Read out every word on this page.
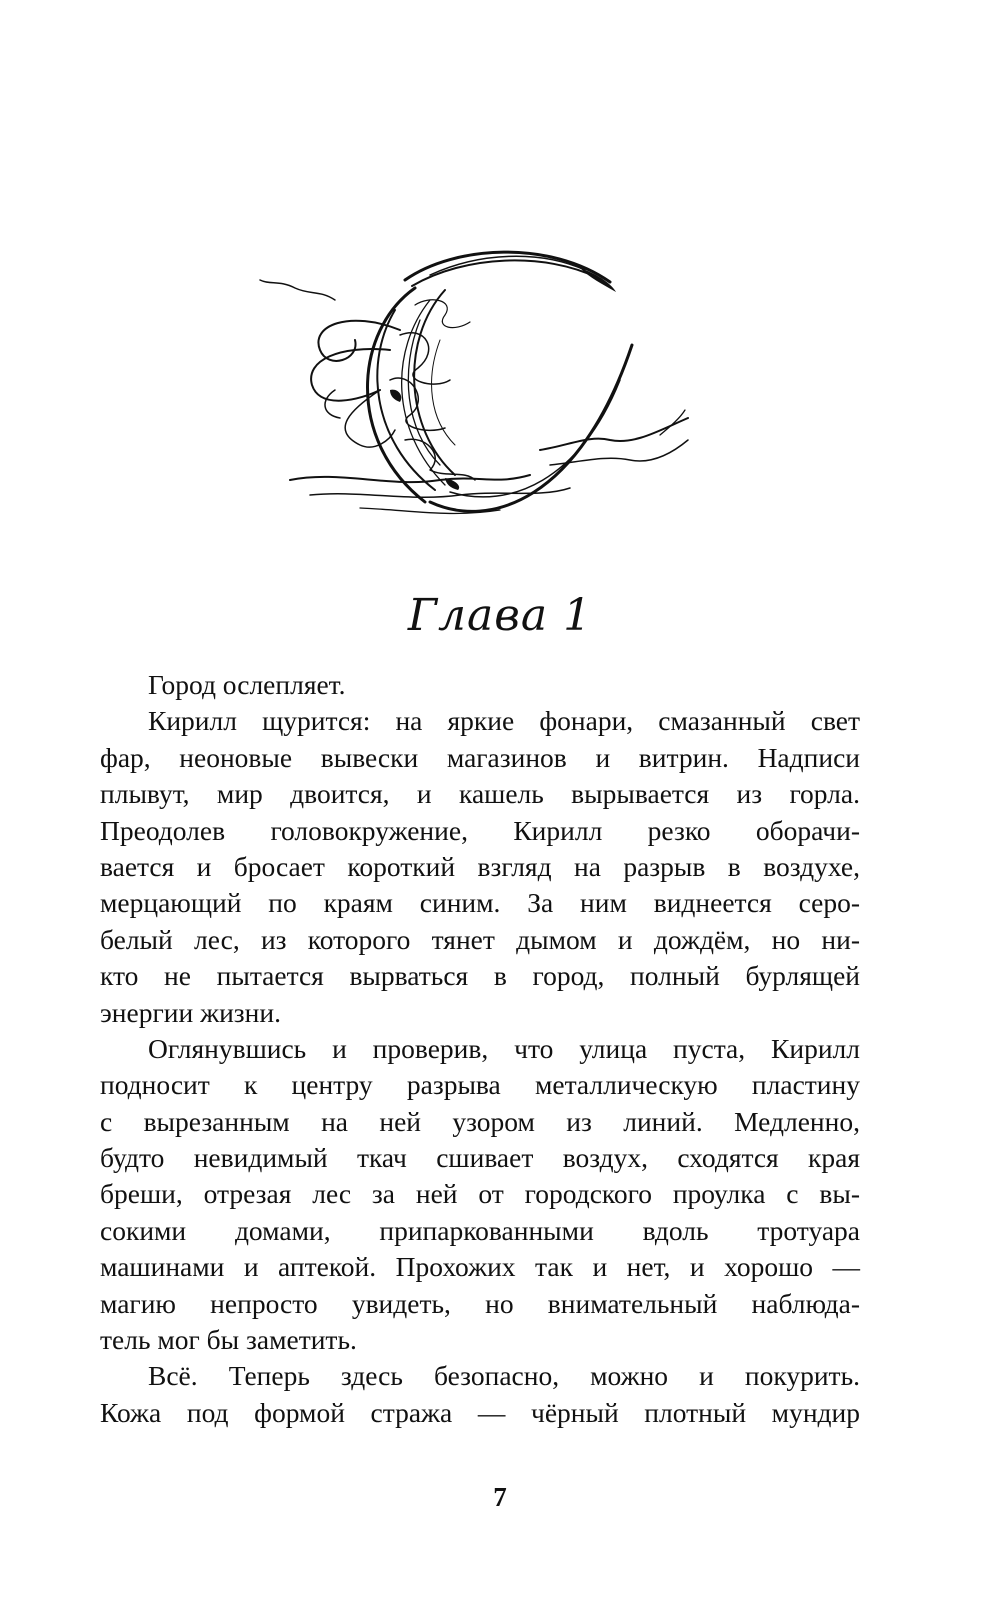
Глава 1
Город ослепляет.
Кирилл щурится: на яркие фонари, смазанный свет
фар, неоновые вывески магазинов и витрин. Надписи
плывут, мир двоится, и кашель вырывается из горла.
Преодолев головокружение, Кирилл резко оборачи-
вается и бросает короткий взгляд на разрыв в воздухе,
мерцающий по краям синим. За ним виднеется серо-
белый лес, из которого тянет дымом и дождём, но ни-
кто не пытается вырваться в город, полный бурлящей
энергии жизни.
Оглянувшись и проверив, что улица пуста, Кирилл
подносит к центру разрыва металлическую пластину
с вырезанным на ней узором из линий. Медленно,
будто невидимый ткач сшивает воздух, сходятся края
бреши, отрезая лес за ней от городского проулка с вы-
сокими домами, припаркованными вдоль тротуара
машинами и аптекой. Прохожих так и нет, и хорошо —
магию непросто увидеть, но внимательный наблюда-
тель мог бы заметить.
Всё. Теперь здесь безопасно, можно и покурить.
Кожа под формой стража — чёрный плотный мундир
7
